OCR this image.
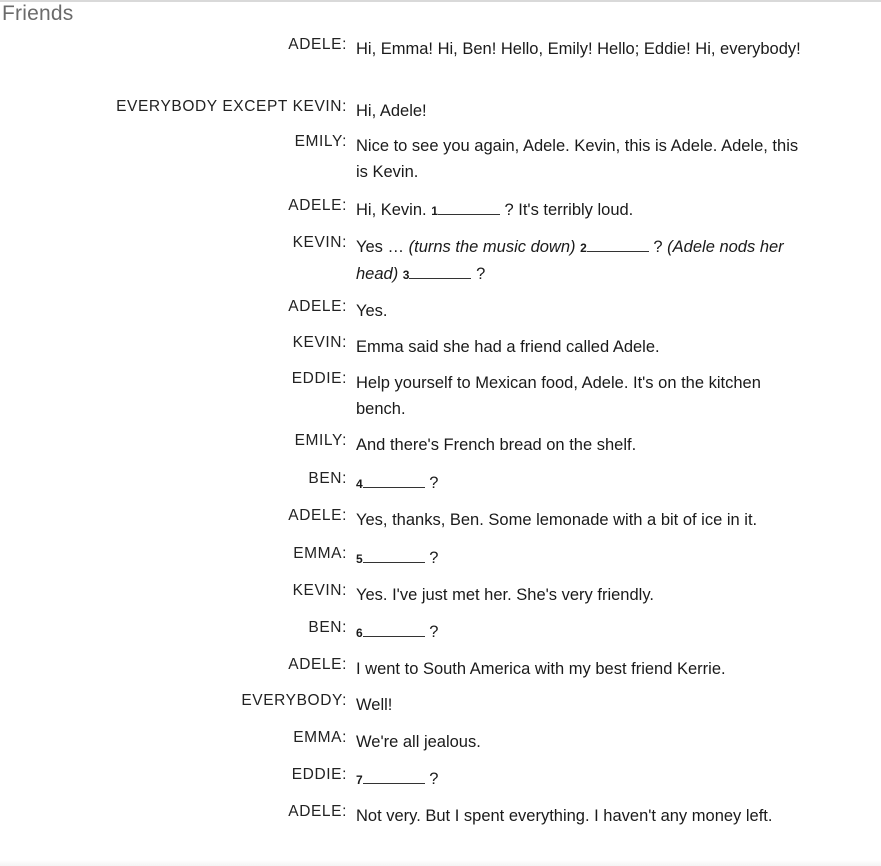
Friends
ADELE: Hi, Emma! Hi, Ben! Hello, Emily! Hello; Eddie! Hi, everybody!
EVERYBODY EXCEPT KEVIN: Hi, Adele!
EMILY: Nice to see you again, Adele. Kevin, this is Adele. Adele, this is Kevin.
ADELE: Hi, Kevin. 1	? It's terribly loud.
KEVIN: Yes … (turns the music down) 2	? (Adele nods her head) 3	?
ADELE: Yes.
KEVIN: Emma said she had a friend called Adele.
EDDIE: Help yourself to Mexican food, Adele. It's on the kitchen bench.
EMILY: And there's French bread on the shelf.
BEN: 4	?
ADELE: Yes, thanks, Ben. Some lemonade with a bit of ice in it.
EMMA: 5	?
KEVIN: Yes. I've just met her. She's very friendly.
BEN: 6	?
ADELE: I went to South America with my best friend Kerrie.
EVERYBODY: Well!
EMMA: We're all jealous.
EDDIE: 7	?
ADELE: Not very. But I spent everything. I haven't any money left.
